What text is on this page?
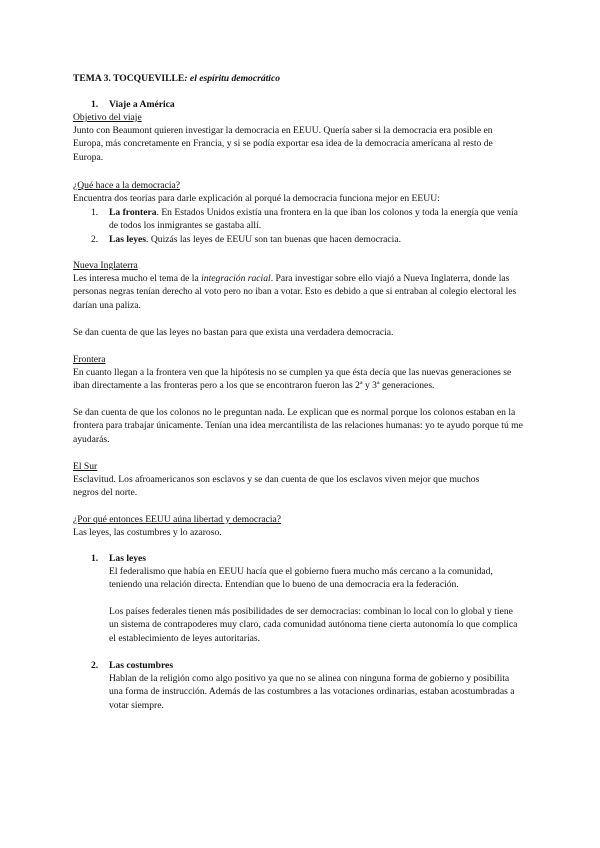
TEMA 3. TOCQUEVILLE: el espíritu democrático
1. Viaje a América
Objetivo del viaje
Junto con Beaumont quieren investigar la democracia en EEUU. Quería saber si la democracia era posible en Europa, más concretamente en Francia, y si se podía exportar esa idea de la democracia americana al resto de Europa.
¿Qué hace a la democracia?
Encuentra dos teorías para darle explicación al porqué la democracia funciona mejor en EEUU:
1. La frontera. En Estados Unidos existía una frontera en la que iban los colonos y toda la energía que venía de todos los inmigrantes se gastaba allí.
2. Las leyes. Quizás las leyes de EEUU son tan buenas que hacen democracia.
Nueva Inglaterra
Les interesa mucho el tema de la integración racial. Para investigar sobre ello viajó a Nueva Inglaterra, donde las personas negras tenían derecho al voto pero no iban a votar. Esto es debido a que si entraban al colegio electoral les darían una paliza.
Se dan cuenta de que las leyes no bastan para que exista una verdadera democracia.
Frontera
En cuanto llegan a la frontera ven que la hipótesis no se cumplen ya que ésta decía que las nuevas generaciones se iban directamente a las fronteras pero a los que se encontraron fueron las 2ª y 3ª generaciones.
Se dan cuenta de que los colonos no le preguntan nada. Le explican que es normal porque los colonos estaban en la frontera para trabajar únicamente. Tenían una idea mercantilista de las relaciones humanas: yo te ayudo porque tú me ayudarás.
El Sur
Esclavitud. Los afroamericanos son esclavos y se dan cuenta de que los esclavos viven mejor que muchos negros del norte.
¿Por qué entonces EEUU aúna libertad y democracia?
Las leyes, las costumbres y lo azaroso.
1. Las leyes
El federalismo que había en EEUU hacía que el gobierno fuera mucho más cercano a la comunidad, teniendo una relación directa. Entendían que lo bueno de una democracia era la federación.
Los países federales tienen más posibilidades de ser democracias: combinan lo local con lo global y tiene un sistema de contrapoderes muy claro, cada comunidad autónoma tiene cierta autonomía lo que complica el establecimiento de leyes autoritarias.
2. Las costumbres
Hablan de la religión como algo positivo ya que no se alinea con ninguna forma de gobierno y posibilita una forma de instrucción. Además de las costumbres a las votaciones ordinarias, estaban acostumbradas a votar siempre.
